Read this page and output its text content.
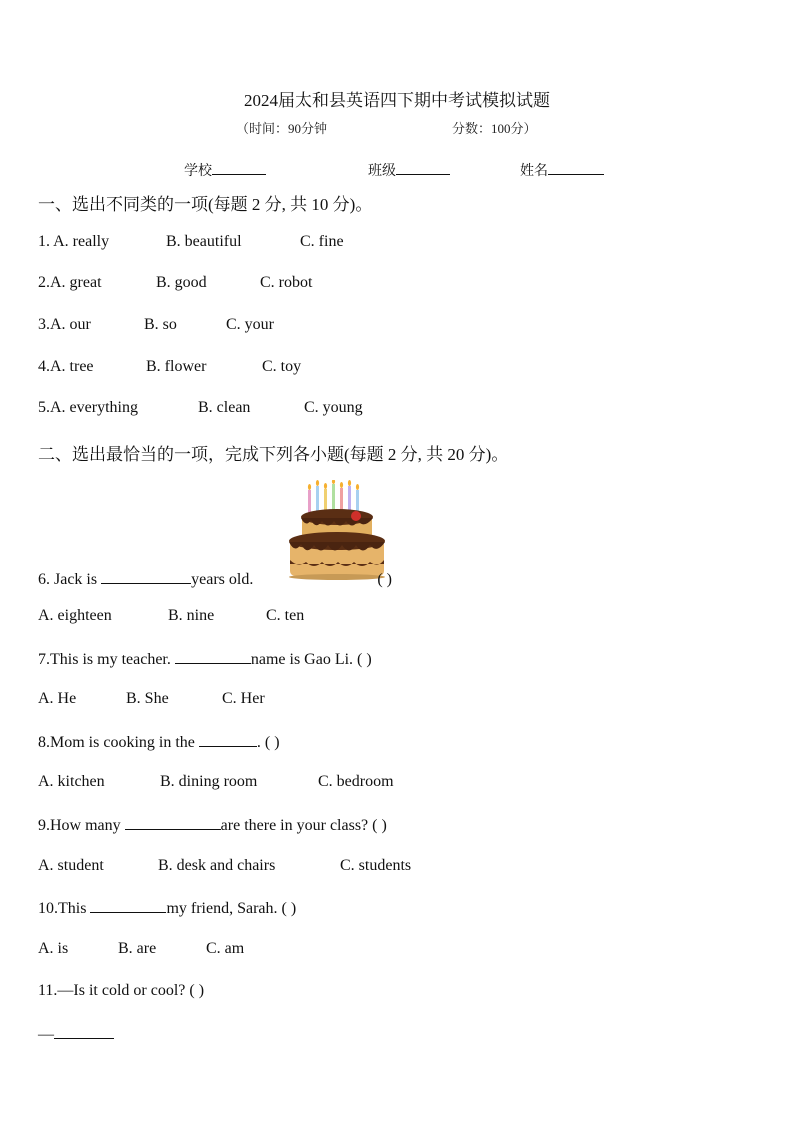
2024届太和县英语四下期中考试模拟试题
（时间：90分钟	分数：100分）
学校	班级	姓名
一、选出不同类的一项(每题 2 分, 共 10 分)。
1. A. really	B. beautiful	C. fine
2.A. great	B. good	C. robot
3.A. our	B. so	C. your
4.A. tree	B. flower	C. toy
5.A. everything	B. clean	C. young
二、选出最恰当的一项，完成下列各小题(每题 2 分, 共 20 分)。
6. Jack is	years old.	( )
A. eighteen	B. nine	C. ten
7.This is my teacher.	name is Gao Li. ( )
A. He	B. She	C. Her
8.Mom is cooking in the	. ( )
A. kitchen	B. dining room	C. bedroom
9.How many	are there in your class? ( )
A. student	B. desk and chairs	C. students
10.This	my friend, Sarah. ( )
A. is	B. are	C. am
11.—Is it cold or cool? ( )
—
